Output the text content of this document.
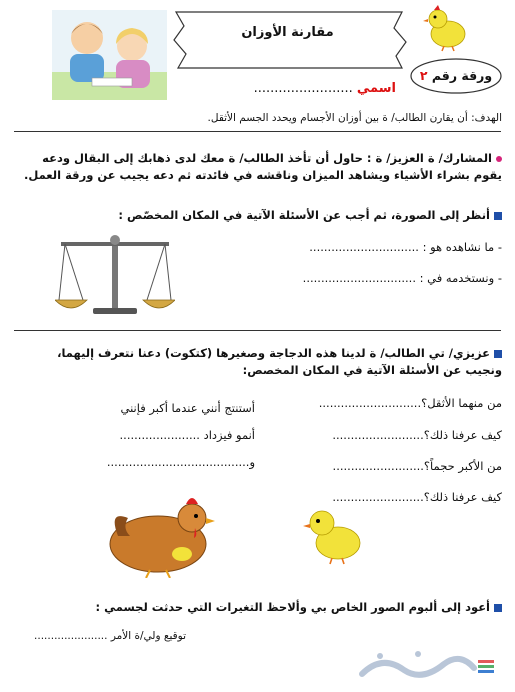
مقارنة الأوزان
ورقة رقم ٢
اسمي ........................
الهدف: أن يقارن الطالب/ ة بين أوزان الأجسام ويحدد الجسم الأثقل.
المشارك/ ة العزيز/ ة : حاول أن تأخذ الطالب/ ة معك لدى ذهابك إلى البقال ودعه
يقوم بشراء الأشياء ويشاهد الميزان وناقشه في فائدته ثم دعه يجيب عن ورقة العمل.
أنظر إلى الصورة، ثم أجب عن الأسئلة الآتية في المكان المخصّص :
- ما نشاهده هو : ..............................
- ونستخدمه في : ...............................
عزيزي/ تي الطالب/ ة لدينا هذه الدجاجة وصغيرها (كتكوت) دعنا نتعرف إليهما،
ونجيب عن الأسئلة الآتية في المكان المخصص:
من منهما الأثقل؟............................
أستنتج أنني عندما أكبر فإنني
كيف عرفنا ذلك؟.........................
أنمو فيزداد ......................
من الأكبر حجماً؟.........................
و.......................................
كيف عرفنا ذلك؟.........................
أعود إلى ألبوم الصور الخاص بي وألاحظ التغيرات التي حدثت لجسمي :
توقيع ولي/ة الأمر ......................
